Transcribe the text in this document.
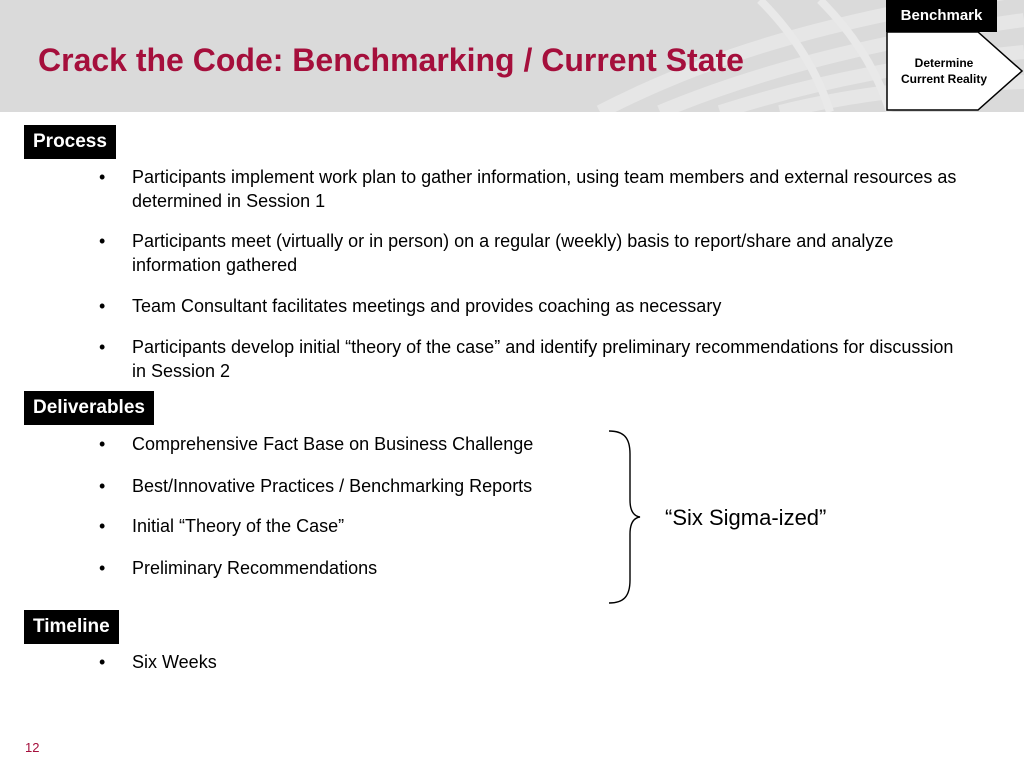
Crack the Code: Benchmarking / Current State
Benchmark
Determine
Current Reality
Process
• Participants implement work plan to gather information, using team members and external resources as determined in Session 1
• Participants meet (virtually or in person) on a regular (weekly) basis to report/share and analyze information gathered
• Team Consultant facilitates meetings and provides coaching as necessary
• Participants develop initial “theory of the case” and identify preliminary recommendations for discussion in Session 2
Deliverables
• Comprehensive Fact Base on Business Challenge
• Best/Innovative Practices / Benchmarking Reports
• Initial “Theory of the Case”
• Preliminary Recommendations
“Six Sigma-ized”
Timeline
• Six Weeks
12
